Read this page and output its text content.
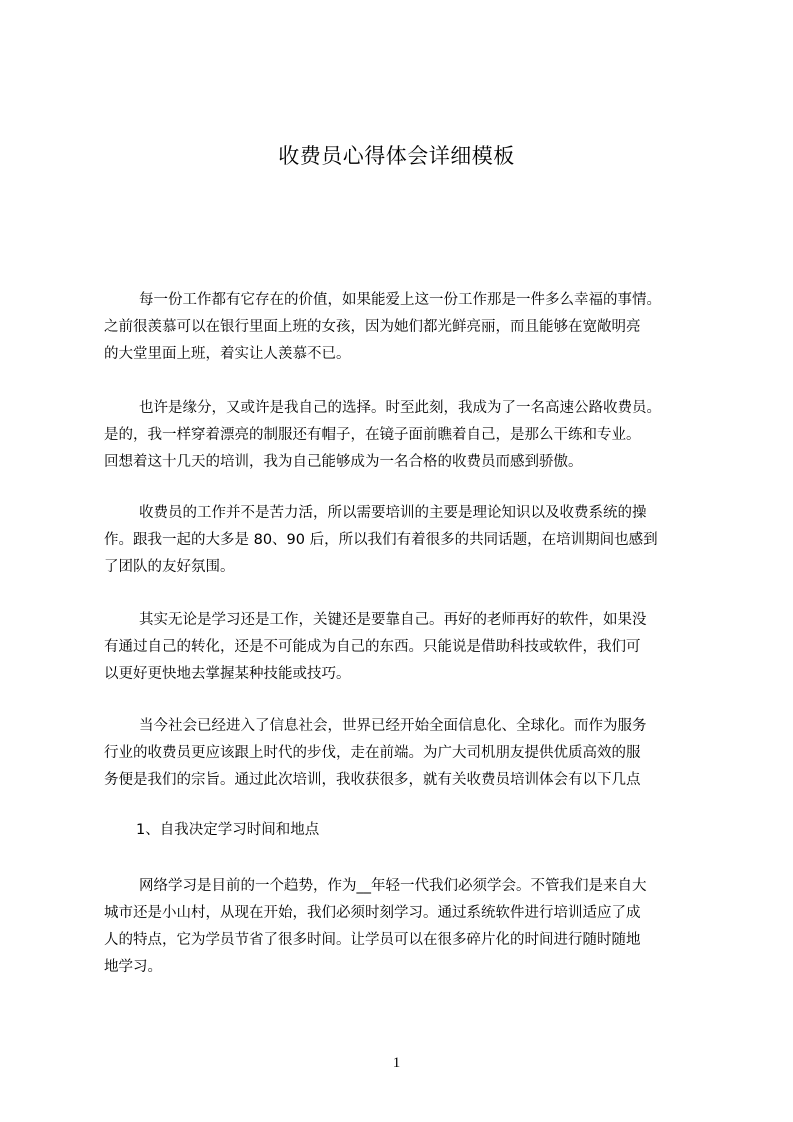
收费员心得体会详细模板

每一份工作都有它存在的价值，如果能爱上这一份工作那是一件多么幸福的事情。
之前很羡慕可以在银行里面上班的女孩，因为她们都光鲜亮丽，而且能够在宽敞明亮
的大堂里面上班，着实让人羡慕不已。

也许是缘分，又或许是我自己的选择。时至此刻，我成为了一名高速公路收费员。
是的，我一样穿着漂亮的制服还有帽子，在镜子面前瞧着自己，是那么干练和专业。
回想着这十几天的培训，我为自己能够成为一名合格的收费员而感到骄傲。

收费员的工作并不是苦力活，所以需要培训的主要是理论知识以及收费系统的操
作。跟我一起的大多是 80、90 后，所以我们有着很多的共同话题，在培训期间也感到
了团队的友好氛围。

其实无论是学习还是工作，关键还是要靠自己。再好的老师再好的软件，如果没
有通过自己的转化，还是不可能成为自己的东西。只能说是借助科技或软件，我们可
以更好更快地去掌握某种技能或技巧。

当今社会已经进入了信息社会，世界已经开始全面信息化、全球化。而作为服务
行业的收费员更应该跟上时代的步伐，走在前端。为广大司机朋友提供优质高效的服
务便是我们的宗旨。通过此次培训，我收获很多，就有关收费员培训体会有以下几点

1、自我决定学习时间和地点

网络学习是目前的一个趋势，作为__年轻一代我们必须学会。不管我们是来自大
城市还是小山村，从现在开始，我们必须时刻学习。通过系统软件进行培训适应了成
人的特点，它为学员节省了很多时间。让学员可以在很多碎片化的时间进行随时随地
地学习。

1
